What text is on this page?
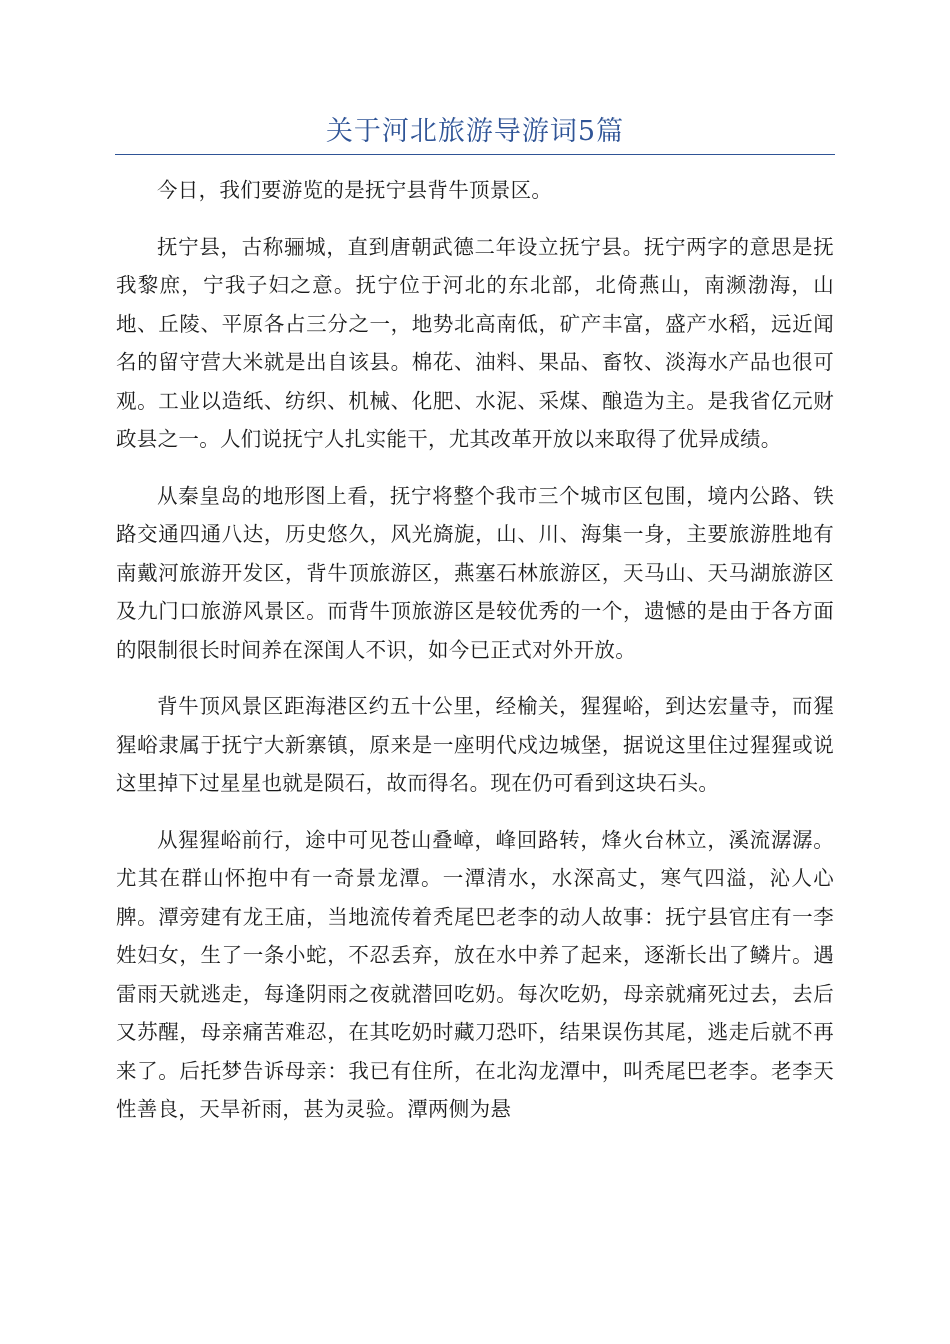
关于河北旅游导游词5篇

今日，我们要游览的是抚宁县背牛顶景区。

抚宁县，古称骊城，直到唐朝武德二年设立抚宁县。抚宁两字的意思是抚我黎庶，宁我子妇之意。抚宁位于河北的东北部，北倚燕山，南濒渤海，山地、丘陵、平原各占三分之一，地势北高南低，矿产丰富，盛产水稻，远近闻名的留守营大米就是出自该县。棉花、油料、果品、畜牧、淡海水产品也很可观。工业以造纸、纺织、机械、化肥、水泥、采煤、酿造为主。是我省亿元财政县之一。人们说抚宁人扎实能干，尤其改革开放以来取得了优异成绩。

从秦皇岛的地形图上看，抚宁将整个我市三个城市区包围，境内公路、铁路交通四通八达，历史悠久，风光旖旎，山、川、海集一身，主要旅游胜地有南戴河旅游开发区，背牛顶旅游区，燕塞石林旅游区，天马山、天马湖旅游区及九门口旅游风景区。而背牛顶旅游区是较优秀的一个，遗憾的是由于各方面的限制很长时间养在深闺人不识，如今已正式对外开放。

背牛顶风景区距海港区约五十公里，经榆关，猩猩峪，到达宏量寺，而猩猩峪隶属于抚宁大新寨镇，原来是一座明代戍边城堡，据说这里住过猩猩或说这里掉下过星星也就是陨石，故而得名。现在仍可看到这块石头。

从猩猩峪前行，途中可见苍山叠嶂，峰回路转，烽火台林立，溪流潺潺。尤其在群山怀抱中有一奇景龙潭。一潭清水，水深高丈，寒气四溢，沁人心脾。潭旁建有龙王庙，当地流传着秃尾巴老李的动人故事：抚宁县官庄有一李姓妇女，生了一条小蛇，不忍丢弃，放在水中养了起来，逐渐长出了鳞片。遇雷雨天就逃走，每逢阴雨之夜就潜回吃奶。每次吃奶，母亲就痛死过去，去后又苏醒，母亲痛苦难忍，在其吃奶时藏刀恐吓，结果误伤其尾，逃走后就不再来了。后托梦告诉母亲：我已有住所，在北沟龙潭中，叫秃尾巴老李。老李天性善良，天旱祈雨，甚为灵验。潭两侧为悬
